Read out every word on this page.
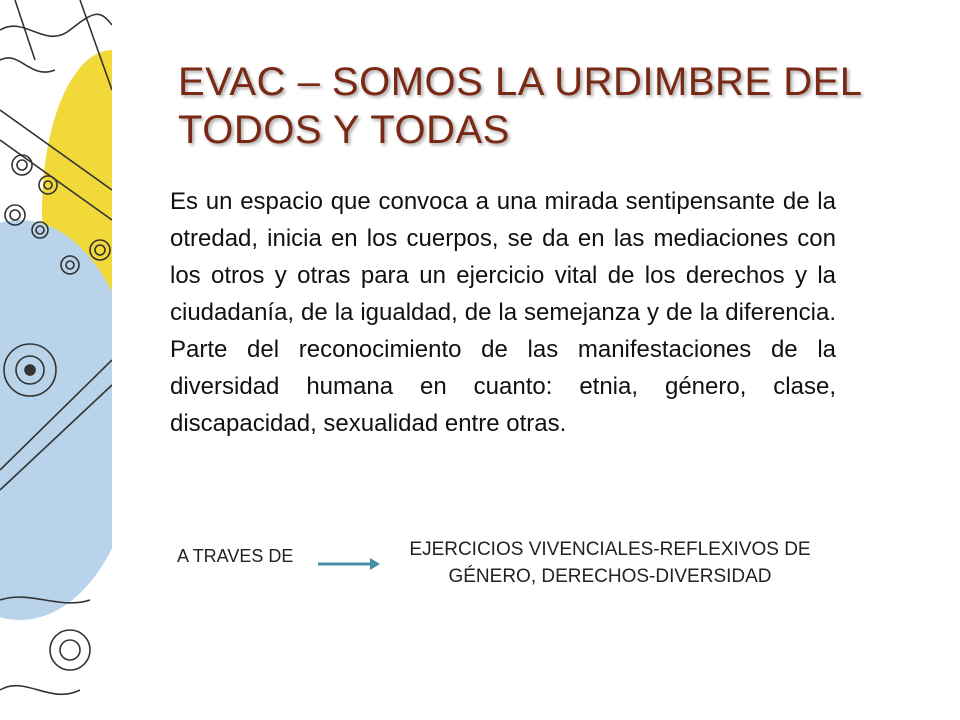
EVAC – SOMOS LA URDIMBRE DEL
TODOS Y TODAS

Es un espacio que convoca a una mirada sentipensante de la otredad, inicia en los cuerpos, se da en las mediaciones con los otros y otras para un ejercicio vital de los derechos y la ciudadanía, de la igualdad, de la semejanza y de la diferencia. Parte del reconocimiento de las manifestaciones de la diversidad humana en cuanto: etnia, género, clase, discapacidad, sexualidad entre otras.

A TRAVES DE	EJERCICIOS VIVENCIALES-REFLEXIVOS DE
GÉNERO, DERECHOS-DIVERSIDAD
